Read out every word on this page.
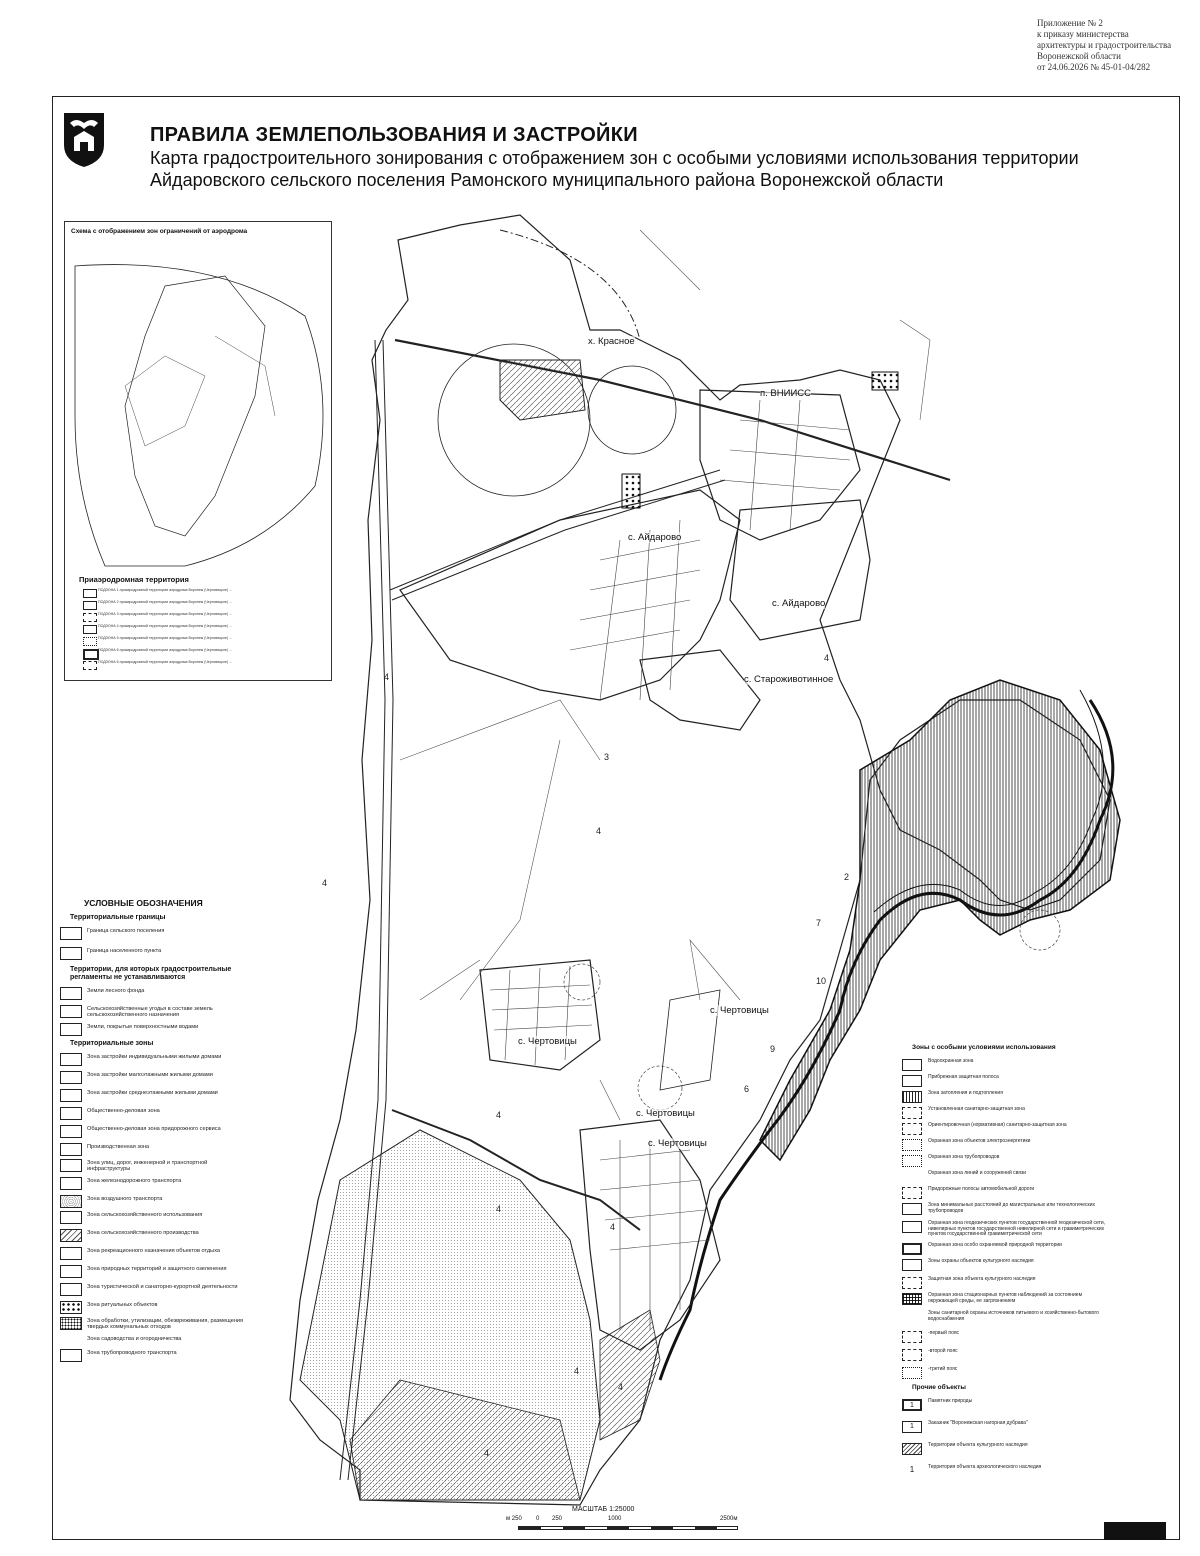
Приложение № 2
к приказу министерства
архитектуры и градостроительства
Воронежской области
от 24.06.2026 № 45-01-04/282
ПРАВИЛА ЗЕМЛЕПОЛЬЗОВАНИЯ И ЗАСТРОЙКИ
Карта градостроительного зонирования с отображением зон с особыми условиями использования территории
Айдаровского сельского поселения Рамонского муниципального района Воронежской области
Схема с отображением зон ограничений от аэродрома
Приаэродромная территория
ПОДЗОНА 1 приаэродромной территории аэродрома Воронеж (Чертовицкое) ...
ПОДЗОНА 2 приаэродромной территории аэродрома Воронеж (Чертовицкое) ...
ПОДЗОНА 3 приаэродромной территории аэродрома Воронеж (Чертовицкое) ...
ПОДЗОНА 4 приаэродромной территории аэродрома Воронеж (Чертовицкое) ...
ПОДЗОНА 5 приаэродромной территории аэродрома Воронеж (Чертовицкое) ...
ПОДЗОНА 6 приаэродромной территории аэродрома Воронеж (Чертовицкое) ...
ПОДЗОНА 6 приаэродромной территории аэродрома Воронеж (Чертовицкое) ...
х. Красное
п. ВНИИСС
с. Айдарово
с. Айдарово
с. Староживотинное
с. Чертовицы
с. Чертовицы
с. Чертовицы
с. Чертовицы
4
3
4
4
4
4
4
4
4
4
2
7
10
9
6
4
УСЛОВНЫЕ ОБОЗНАЧЕНИЯ
Территориальные границы
Граница сельского поселения
Граница населенного пункта
Территории, для которых градостроительные регламенты не устанавливаются
Земли лесного фонда
Сельскохозяйственные угодья в составе земель сельскохозяйственного назначения
Земли, покрытые поверхностными водами
Территориальные зоны
Зона застройки индивидуальными жилыми домами
Зона застройки малоэтажными жилыми домами
Зона застройки среднеэтажными жилыми домами
Общественно-деловая зона
Общественно-деловая зона придорожного сервиса
Производственная зона
Зона улиц, дорог, инженерной и транспортной инфраструктуры
Зона железнодорожного транспорта
Зона воздушного транспорта
Зона сельскохозяйственного использования
Зона сельскохозяйственного производства
Зона рекреационного назначения объектов отдыха
Зона природных территорий и защитного озеленения
Зона туристической и санаторно-курортной деятельности
Зона ритуальных объектов
Зона обработки, утилизации, обезвреживания, размещения твердых коммунальных отходов
Зона садоводства и огородничества
Зона трубопроводного транспорта
Зоны с особыми условиями использования
Водоохранная зона
Прибрежная защитная полоса
Зона затопления и подтопления
Установленная санитарно-защитная зона
Ориентировочная (нормативная) санитарно-защитная зона
Охранная зона объектов электроэнергетики
Охранная зона трубопроводов
Охранная зона линий и сооружений связи
Придорожные полосы автомобильной дороги
Зона минимальных расстояний до магистральных или технологических трубопроводов
Охранная зона геодезических пунктов государственной геодезической сети, нивелирных пунктов государственной нивелирной сети и гравиметрических пунктов государственной гравиметрической сети
Охранная зона особо охраняемой природной территории
Зоны охраны объектов культурного наследия
Защитная зона объекта культурного наследия
Охранная зона стационарных пунктов наблюдений за состоянием окружающей среды, ее загрязнением
Зоны санитарной охраны источников питьевого и хозяйственно-бытового водоснабжения
-первый пояс
-второй пояс
-третий пояс
Прочие объекты
1
Памятник природы
1	Заказник "Воронежская нагорная дубрава"
Территории объекта культурного наследия
1	Территория объекта археологического наследия
МАСШТАБ 1:25000
м 250 0 250	1000	2500м
